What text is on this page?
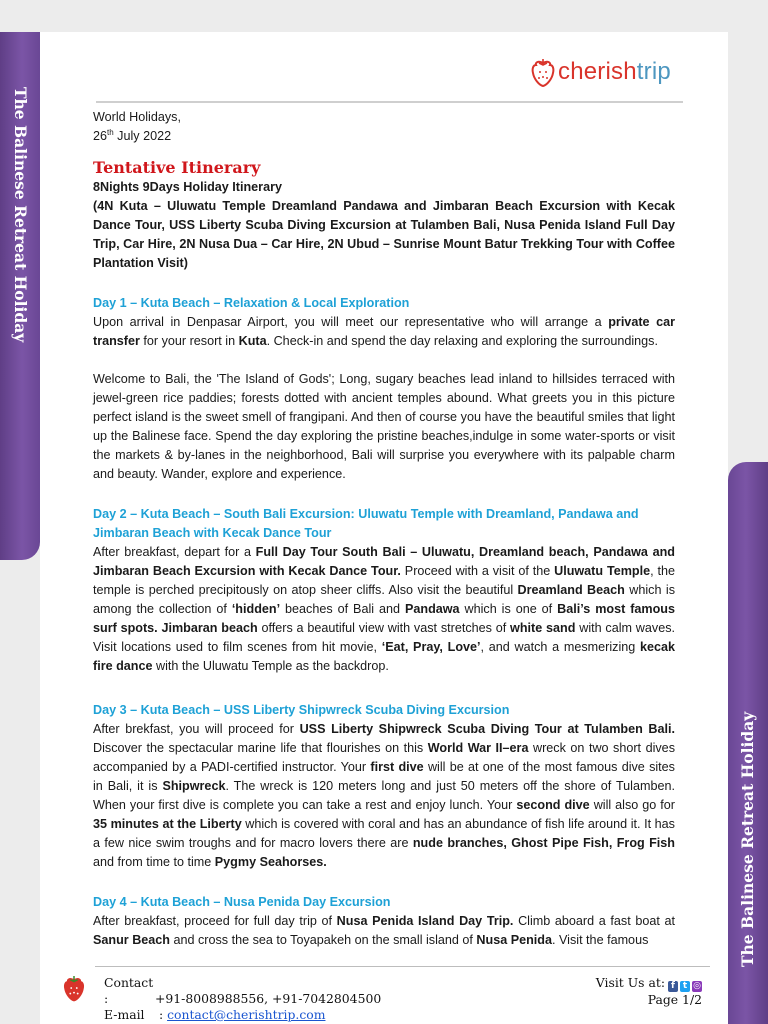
The Balinese Retreat Holiday
The Balinese Retreat Holiday
cherishtrip
World Holidays,
26th July 2022
Tentative Itinerary
8Nights 9Days Holiday Itinerary

(4N Kuta – Uluwatu Temple Dreamland Pandawa and Jimbaran Beach Excursion with Kecak Dance Tour, USS Liberty Scuba Diving Excursion at Tulamben Bali, Nusa Penida Island Full Day Trip, Car Hire, 2N Nusa Dua – Car Hire, 2N Ubud – Sunrise Mount Batur Trekking Tour with Coffee Plantation Visit)

Day 1 – Kuta Beach – Relaxation & Local Exploration

Upon arrival in Denpasar Airport, you will meet our representative who will arrange a private car transfer for your resort in Kuta. Check-in and spend the day relaxing and exploring the surroundings.

Welcome to Bali, the 'The Island of Gods'; Long, sugary beaches lead inland to hillsides terraced with jewel-green rice paddies; forests dotted with ancient temples abound. What greets you in this picture perfect island is the sweet smell of frangipani. And then of course you have the beautiful smiles that light up the Balinese face. Spend the day exploring the pristine beaches,indulge in some water-sports or visit the markets & by-lanes in the neighborhood, Bali will surprise you everywhere with its palpable charm and beauty. Wander, explore and experience.

Day 2 – Kuta Beach – South Bali Excursion: Uluwatu Temple with Dreamland, Pandawa and Jimbaran Beach with Kecak Dance Tour

After breakfast, depart for a Full Day Tour South Bali – Uluwatu, Dreamland beach, Pandawa and Jimbaran Beach Excursion with Kecak Dance Tour. Proceed with a visit of the Uluwatu Temple, the temple is perched precipitously on atop sheer cliffs. Also visit the beautiful Dreamland Beach which is among the collection of ‘hidden’ beaches of Bali and Pandawa which is one of Bali’s most famous surf spots. Jimbaran beach offers a beautiful view with vast stretches of white sand with calm waves. Visit locations used to film scenes from hit movie, ‘Eat, Pray, Love’, and watch a mesmerizing kecak fire dance with the Uluwatu Temple as the backdrop.

Day 3 – Kuta Beach – USS Liberty Shipwreck Scuba Diving Excursion

After brekfast, you will proceed for USS Liberty Shipwreck Scuba Diving Tour at Tulamben Bali. Discover the spectacular marine life that flourishes on this World War II–era wreck on two short dives accompanied by a PADI-certified instructor. Your first dive will be at one of the most famous dive sites in Bali, it is Shipwreck. The wreck is 120 meters long and just 50 meters off the shore of Tulamben. When your first dive is complete you can take a rest and enjoy lunch. Your second dive will also go for 35 minutes at the Liberty which is covered with coral and has an abundance of fish life around it. It has a few nice swim troughs and for macro lovers there are nude branches, Ghost Pipe Fish, Frog Fish and from time to time Pygmy Seahorses.

Day 4 – Kuta Beach – Nusa Penida Day Excursion

After breakfast, proceed for full day trip of Nusa Penida Island Day Trip. Climb aboard a fast boat at Sanur Beach and cross the sea to Toyapakeh on the small island of Nusa Penida. Visit the famous

Contact :	+91-8008988556, +91-7042804500
E-mail : contact@cherishtrip.com
Visit Us at: f t ◎
Page 1/2
